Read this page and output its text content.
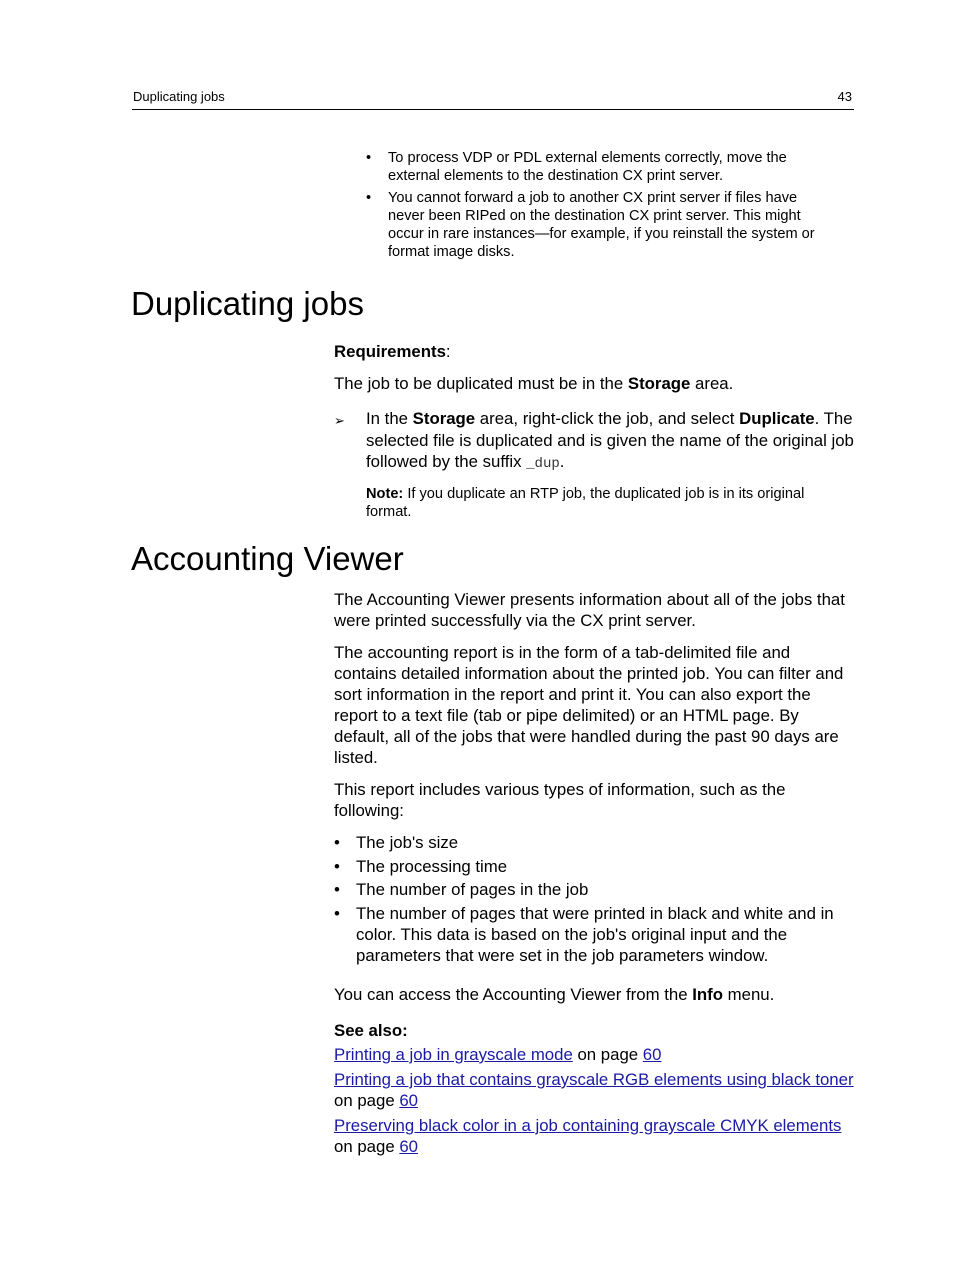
Duplicating jobs	43
• To process VDP or PDL external elements correctly, move the external elements to the destination CX print server.
• You cannot forward a job to another CX print server if files have never been RIPed on the destination CX print server. This might occur in rare instances—for example, if you reinstall the system or format image disks.
Duplicating jobs

Requirements:

The job to be duplicated must be in the Storage area.

➢ In the Storage area, right-click the job, and select Duplicate. The selected file is duplicated and is given the name of the original job followed by the suffix _dup.
Note: If you duplicate an RTP job, the duplicated job is in its original format.
Accounting Viewer

The Accounting Viewer presents information about all of the jobs that were printed successfully via the CX print server.

The accounting report is in the form of a tab-delimited file and contains detailed information about the printed job. You can filter and sort information in the report and print it. You can also export the report to a text file (tab or pipe delimited) or an HTML page. By default, all of the jobs that were handled during the past 90 days are listed.

This report includes various types of information, such as the following:

• The job's size
• The processing time
• The number of pages in the job
• The number of pages that were printed in black and white and in color. This data is based on the job's original input and the parameters that were set in the job parameters window.

You can access the Accounting Viewer from the Info menu.

See also:
Printing a job in grayscale mode on page 60
Printing a job that contains grayscale RGB elements using black toner on page 60
Preserving black color in a job containing grayscale CMYK elements on page 60
